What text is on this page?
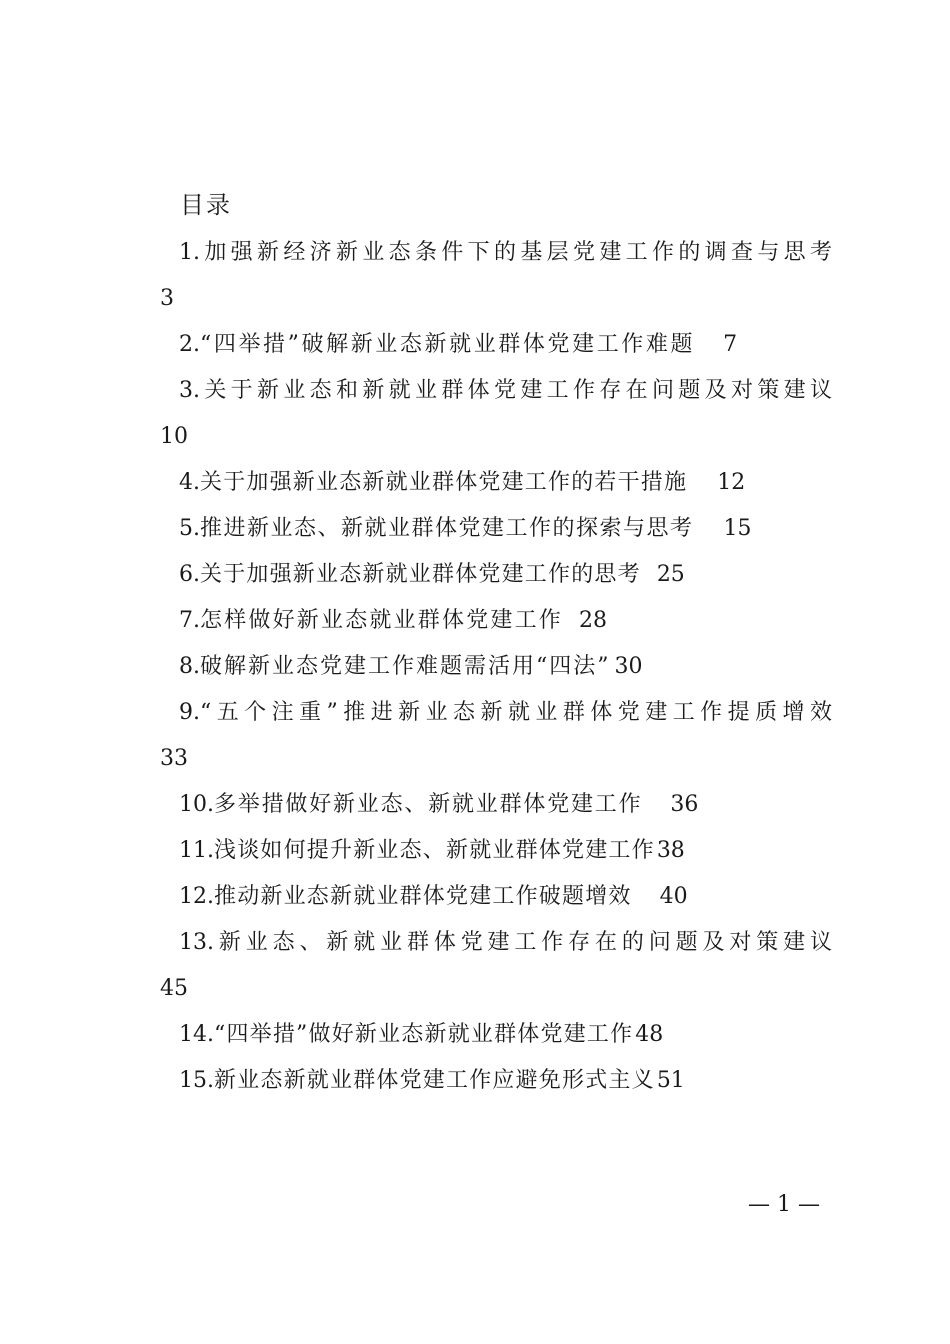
目录
1.加强新经济新业态条件下的基层党建工作的调查与思考
3
2.“四举措”破解新业态新就业群体党建工作难题 7
3.关于新业态和新就业群体党建工作存在问题及对策建议
10
4.关于加强新业态新就业群体党建工作的若干措施 12
5.推进新业态、新就业群体党建工作的探索与思考 15
6.关于加强新业态新就业群体党建工作的思考 25
7.怎样做好新业态就业群体党建工作 28
8.破解新业态党建工作难题需活用“四法” 30
9.“五个注重”推进新业态新就业群体党建工作提质增效
33
10.多举措做好新业态、新就业群体党建工作 36
11.浅谈如何提升新业态、新就业群体党建工作38
12.推动新业态新就业群体党建工作破题增效 40
13.新业态、新就业群体党建工作存在的问题及对策建议
45
14.“四举措”做好新业态新就业群体党建工作48
15.新业态新就业群体党建工作应避免形式主义51
— 1 —
